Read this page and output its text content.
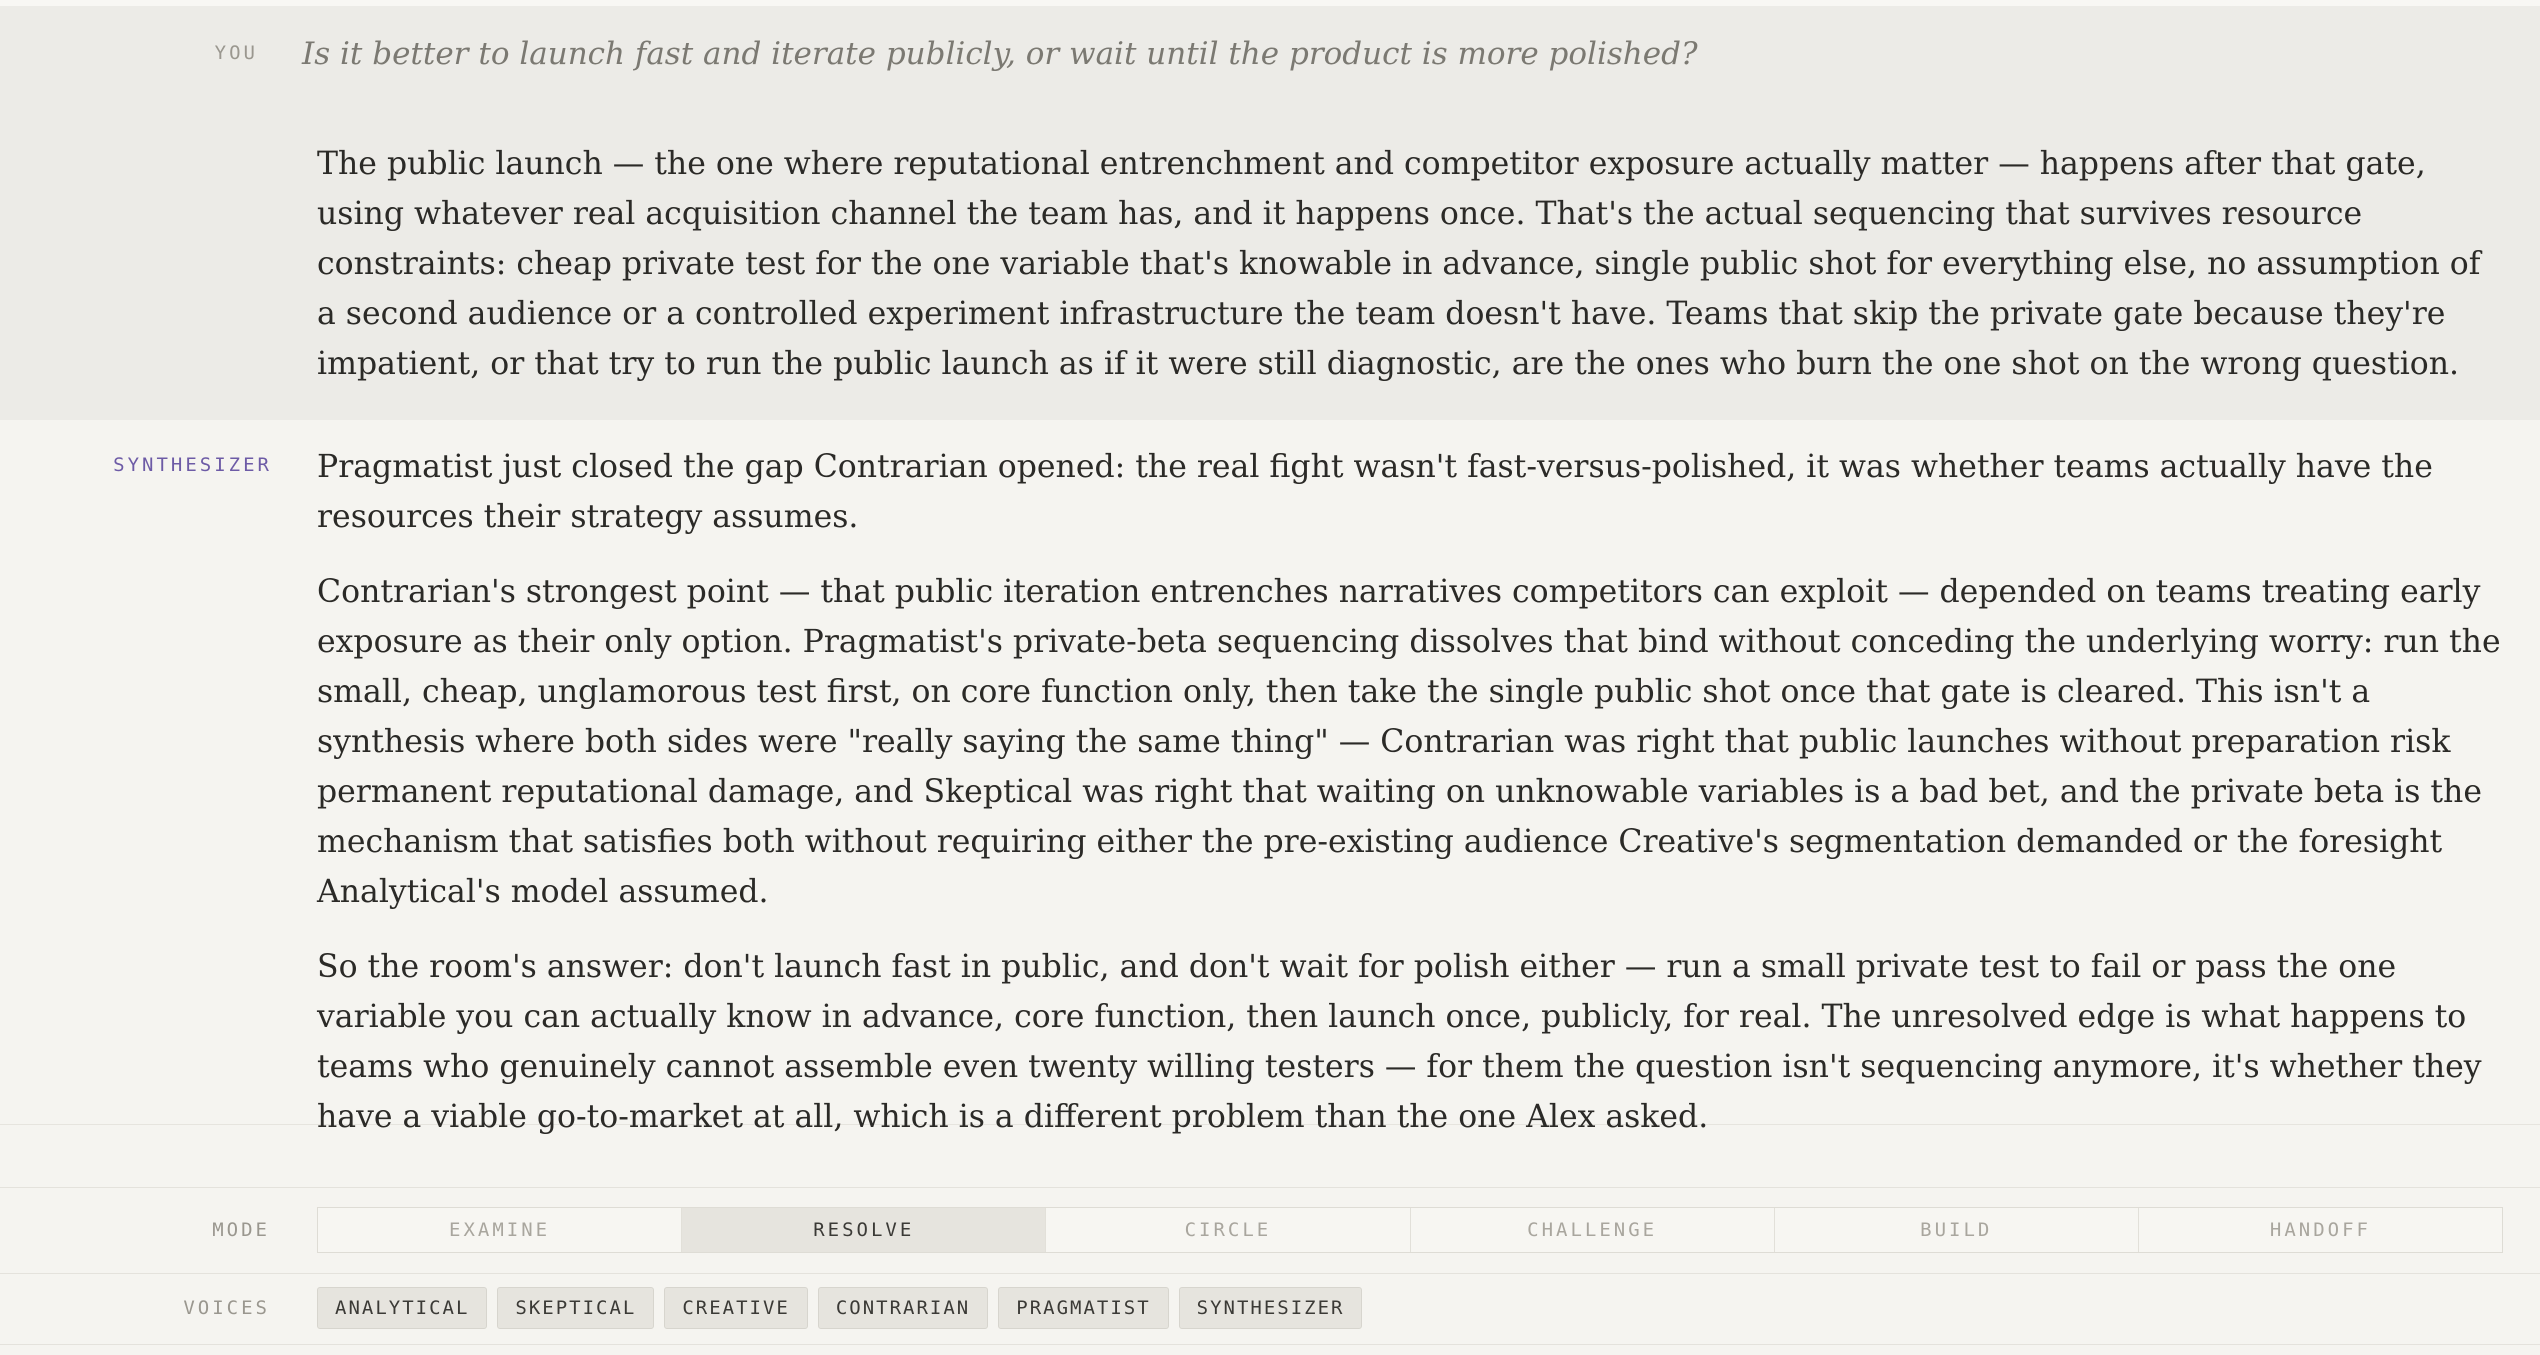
YOU Is it better to launch fast and iterate publicly, or wait until the product is more polished?
The public launch — the one where reputational entrenchment and competitor exposure actually matter — happens after that gate, using whatever real acquisition channel the team has, and it happens once. That's the actual sequencing that survives resource constraints: cheap private test for the one variable that's knowable in advance, single public shot for everything else, no assumption of a second audience or a controlled experiment infrastructure the team doesn't have. Teams that skip the private gate because they're impatient, or that try to run the public launch as if it were still diagnostic, are the ones who burn the one shot on the wrong question.
SYNTHESIZER Pragmatist just closed the gap Contrarian opened: the real fight wasn't fast-versus-polished, it was whether teams actually have the resources their strategy assumes.

Contrarian's strongest point — that public iteration entrenches narratives competitors can exploit — depended on teams treating early exposure as their only option. Pragmatist's private-beta sequencing dissolves that bind without conceding the underlying worry: run the small, cheap, unglamorous test first, on core function only, then take the single public shot once that gate is cleared. This isn't a synthesis where both sides were "really saying the same thing" — Contrarian was right that public launches without preparation risk permanent reputational damage, and Skeptical was right that waiting on unknowable variables is a bad bet, and the private beta is the mechanism that satisfies both without requiring either the pre-existing audience Creative's segmentation demanded or the foresight Analytical's model assumed.

So the room's answer: don't launch fast in public, and don't wait for polish either — run a small private test to fail or pass the one variable you can actually know in advance, core function, then launch once, publicly, for real. The unresolved edge is what happens to teams who genuinely cannot assemble even twenty willing testers — for them the question isn't sequencing anymore, it's whether they have a viable go-to-market at all, which is a different problem than the one Alex asked.

MODE	EXAMINE	RESOLVE	CIRCLE	CHALLENGE	BUILD	HANDOFF
VOICES	ANALYTICAL	SKEPTICAL	CREATIVE	CONTRARIAN	PRAGMATIST	SYNTHESIZER
